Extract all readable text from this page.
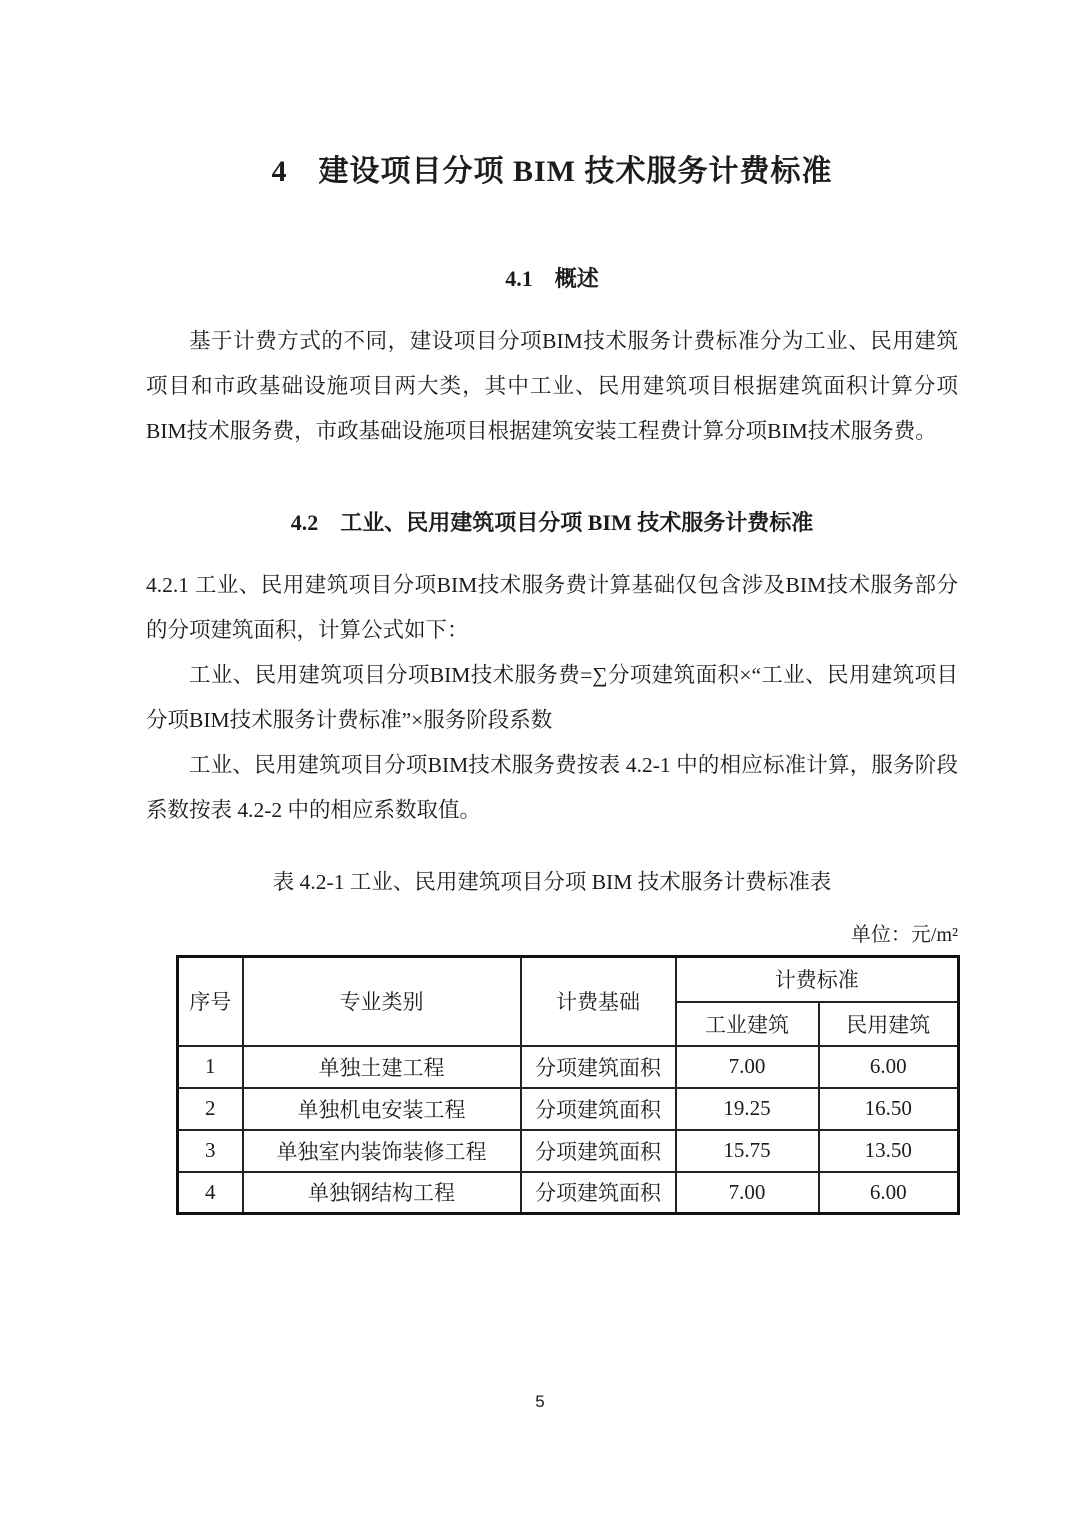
4　建设项目分项 BIM 技术服务计费标准
4.1　概述

基于计费方式的不同，建设项目分项BIM技术服务计费标准分为工业、民用建筑项目和市政基础设施项目两大类，其中工业、民用建筑项目根据建筑面积计算分项BIM技术服务费，市政基础设施项目根据建筑安装工程费计算分项BIM技术服务费。

4.2　工业、民用建筑项目分项 BIM 技术服务计费标准

4.2.1 工业、民用建筑项目分项BIM技术服务费计算基础仅包含涉及BIM技术服务部分的分项建筑面积，计算公式如下：

工业、民用建筑项目分项BIM技术服务费=∑分项建筑面积×“工业、民用建筑项目分项BIM技术服务计费标准”×服务阶段系数

工业、民用建筑项目分项BIM技术服务费按表 4.2-1 中的相应标准计算，服务阶段系数按表 4.2-2 中的相应系数取值。

表 4.2-1 工业、民用建筑项目分项 BIM 技术服务计费标准表
单位：元/m²
序号	专业类别	计费基础	计费标准	
			工业建筑	民用建筑
1	单独土建工程	分项建筑面积	7.00	6.00
2	单独机电安装工程	分项建筑面积	19.25	16.50
3	单独室内装饰装修工程	分项建筑面积	15.75	13.50
4	单独钢结构工程	分项建筑面积	7.00	6.00
5
